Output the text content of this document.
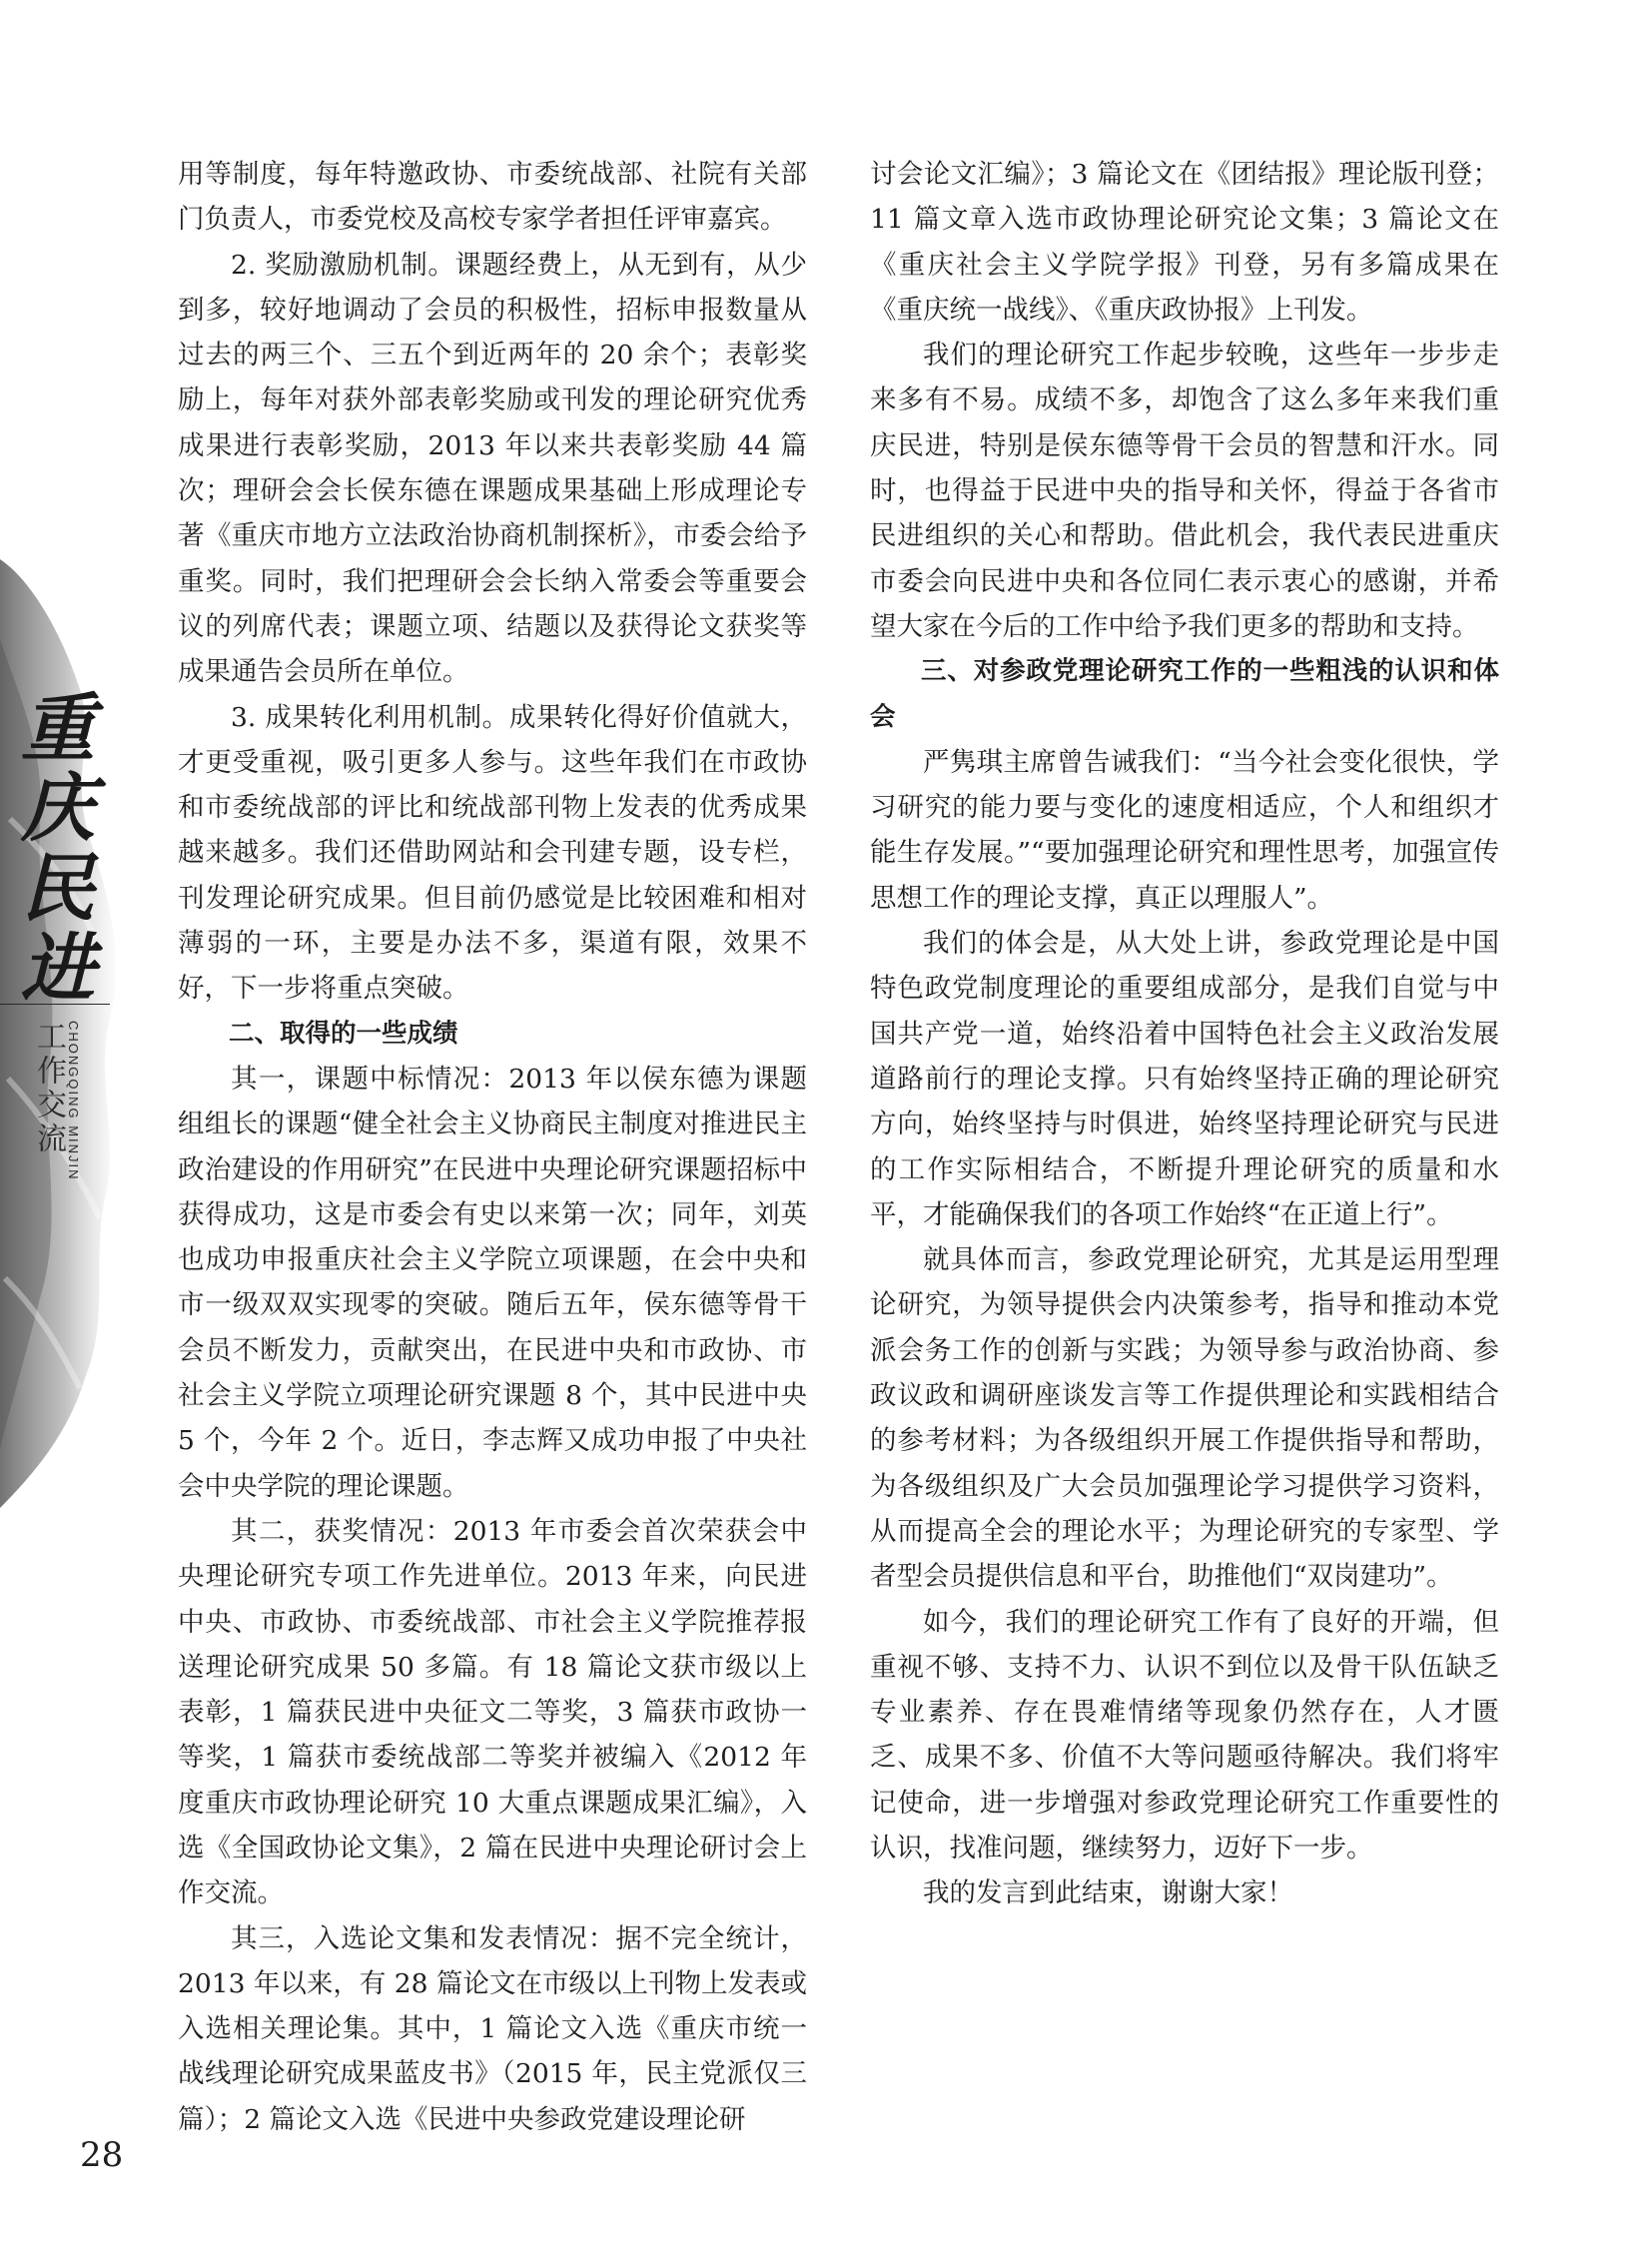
重庆民进
工作交流 CHONGQING MINJIN

用等制度，每年特邀政协、市委统战部、社院有关部门负责人，市委党校及高校专家学者担任评审嘉宾。

2. 奖励激励机制。课题经费上，从无到有，从少到多，较好地调动了会员的积极性，招标申报数量从过去的两三个、三五个到近两年的 20 余个；表彰奖励上，每年对获外部表彰奖励或刊发的理论研究优秀成果进行表彰奖励，2013 年以来共表彰奖励 44 篇次；理研会会长侯东德在课题成果基础上形成理论专著《重庆市地方立法政治协商机制探析》，市委会给予重奖。同时，我们把理研会会长纳入常委会等重要会议的列席代表；课题立项、结题以及获得论文获奖等成果通告会员所在单位。

3. 成果转化利用机制。成果转化得好价值就大，才更受重视，吸引更多人参与。这些年我们在市政协和市委统战部的评比和统战部刊物上发表的优秀成果越来越多。我们还借助网站和会刊建专题，设专栏，刊发理论研究成果。但目前仍感觉是比较困难和相对薄弱的一环，主要是办法不多，渠道有限，效果不好，下一步将重点突破。

二、取得的一些成绩

其一，课题中标情况：2013 年以侯东德为课题组组长的课题“健全社会主义协商民主制度对推进民主政治建设的作用研究”在民进中央理论研究课题招标中获得成功，这是市委会有史以来第一次；同年，刘英也成功申报重庆社会主义学院立项课题，在会中央和市一级双双实现零的突破。随后五年，侯东德等骨干会员不断发力，贡献突出，在民进中央和市政协、市社会主义学院立项理论研究课题 8 个，其中民进中央 5 个，今年 2 个。近日，李志辉又成功申报了中央社会中央学院的理论课题。

其二，获奖情况：2013 年市委会首次荣获会中央理论研究专项工作先进单位。2013 年来，向民进中央、市政协、市委统战部、市社会主义学院推荐报送理论研究成果 50 多篇。有 18 篇论文获市级以上表彰，1 篇获民进中央征文二等奖，3 篇获市政协一等奖，1 篇获市委统战部二等奖并被编入《2012 年度重庆市政协理论研究 10 大重点课题成果汇编》，入选《全国政协论文集》，2 篇在民进中央理论研讨会上作交流。

其三，入选论文集和发表情况：据不完全统计，2013 年以来，有 28 篇论文在市级以上刊物上发表或入选相关理论集。其中，1 篇论文入选《重庆市统一战线理论研究成果蓝皮书》（2015 年，民主党派仅三篇）；2 篇论文入选《民进中央参政党建设理论研

讨会论文汇编》；3 篇论文在《团结报》理论版刊登；11 篇文章入选市政协理论研究论文集；3 篇论文在《重庆社会主义学院学报》刊登，另有多篇成果在《重庆统一战线》、《重庆政协报》上刊发。

我们的理论研究工作起步较晚，这些年一步步走来多有不易。成绩不多，却饱含了这么多年来我们重庆民进，特别是侯东德等骨干会员的智慧和汗水。同时，也得益于民进中央的指导和关怀，得益于各省市民进组织的关心和帮助。借此机会，我代表民进重庆市委会向民进中央和各位同仁表示衷心的感谢，并希望大家在今后的工作中给予我们更多的帮助和支持。

三、对参政党理论研究工作的一些粗浅的认识和体会

严隽琪主席曾告诫我们：“当今社会变化很快，学习研究的能力要与变化的速度相适应，个人和组织才能生存发展。”“要加强理论研究和理性思考，加强宣传思想工作的理论支撑，真正以理服人”。

我们的体会是，从大处上讲，参政党理论是中国特色政党制度理论的重要组成部分，是我们自觉与中国共产党一道，始终沿着中国特色社会主义政治发展道路前行的理论支撑。只有始终坚持正确的理论研究方向，始终坚持与时俱进，始终坚持理论研究与民进的工作实际相结合，不断提升理论研究的质量和水平，才能确保我们的各项工作始终“在正道上行”。

就具体而言，参政党理论研究，尤其是运用型理论研究，为领导提供会内决策参考，指导和推动本党派会务工作的创新与实践；为领导参与政治协商、参政议政和调研座谈发言等工作提供理论和实践相结合的参考材料；为各级组织开展工作提供指导和帮助，为各级组织及广大会员加强理论学习提供学习资料，从而提高全会的理论水平；为理论研究的专家型、学者型会员提供信息和平台，助推他们“双岗建功”。

如今，我们的理论研究工作有了良好的开端，但重视不够、支持不力、认识不到位以及骨干队伍缺乏专业素养、存在畏难情绪等现象仍然存在，人才匮乏、成果不多、价值不大等问题亟待解决。我们将牢记使命，进一步增强对参政党理论研究工作重要性的认识，找准问题，继续努力，迈好下一步。

我的发言到此结束，谢谢大家！

28
